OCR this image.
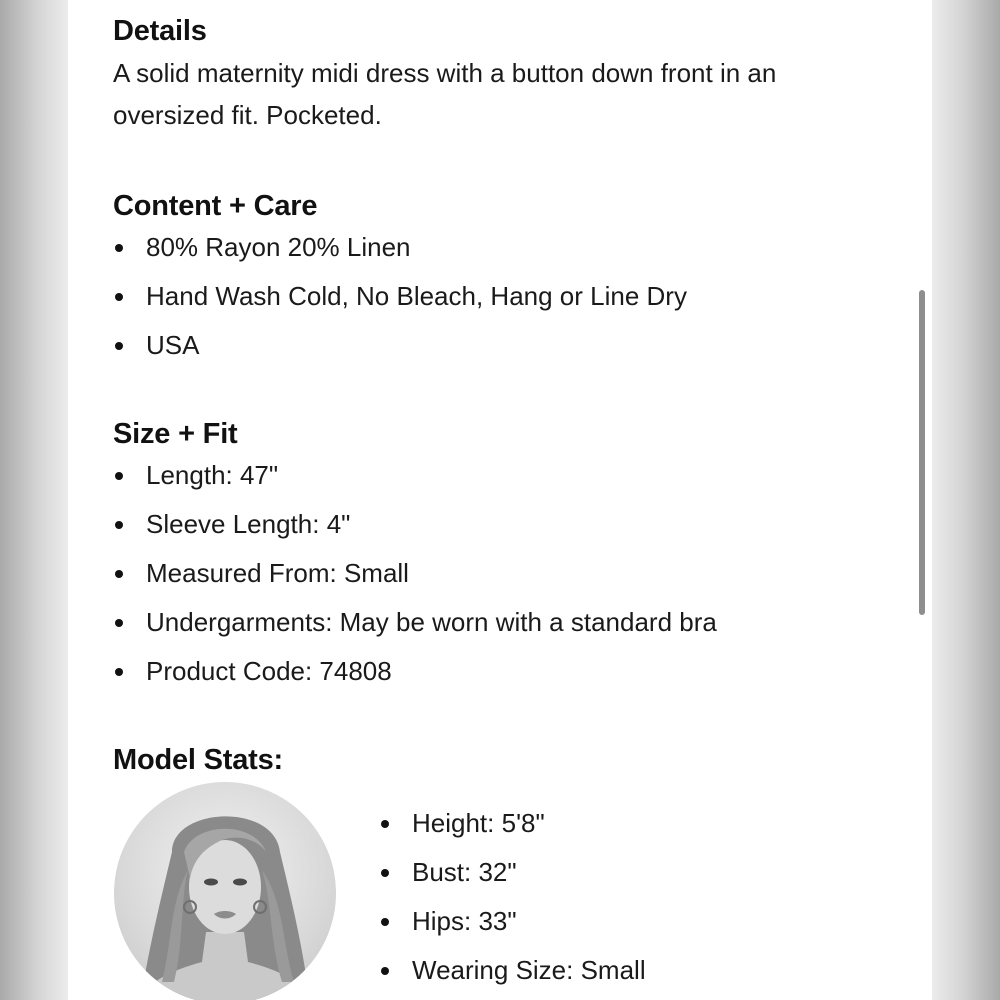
Details

A solid maternity midi dress with a button down front in an

oversized fit. Pocketed.

Content + Care
80% Rayon 20% Linen
Hand Wash Cold, No Bleach, Hang or Line Dry
USA
Size + Fit
Length: 47"
Sleeve Length: 4"
Measured From: Small
Undergarments: May be worn with a standard bra
Product Code: 74808
Model Stats:
Height: 5'8"
Bust: 32"
Hips: 33"
Wearing Size: Small
